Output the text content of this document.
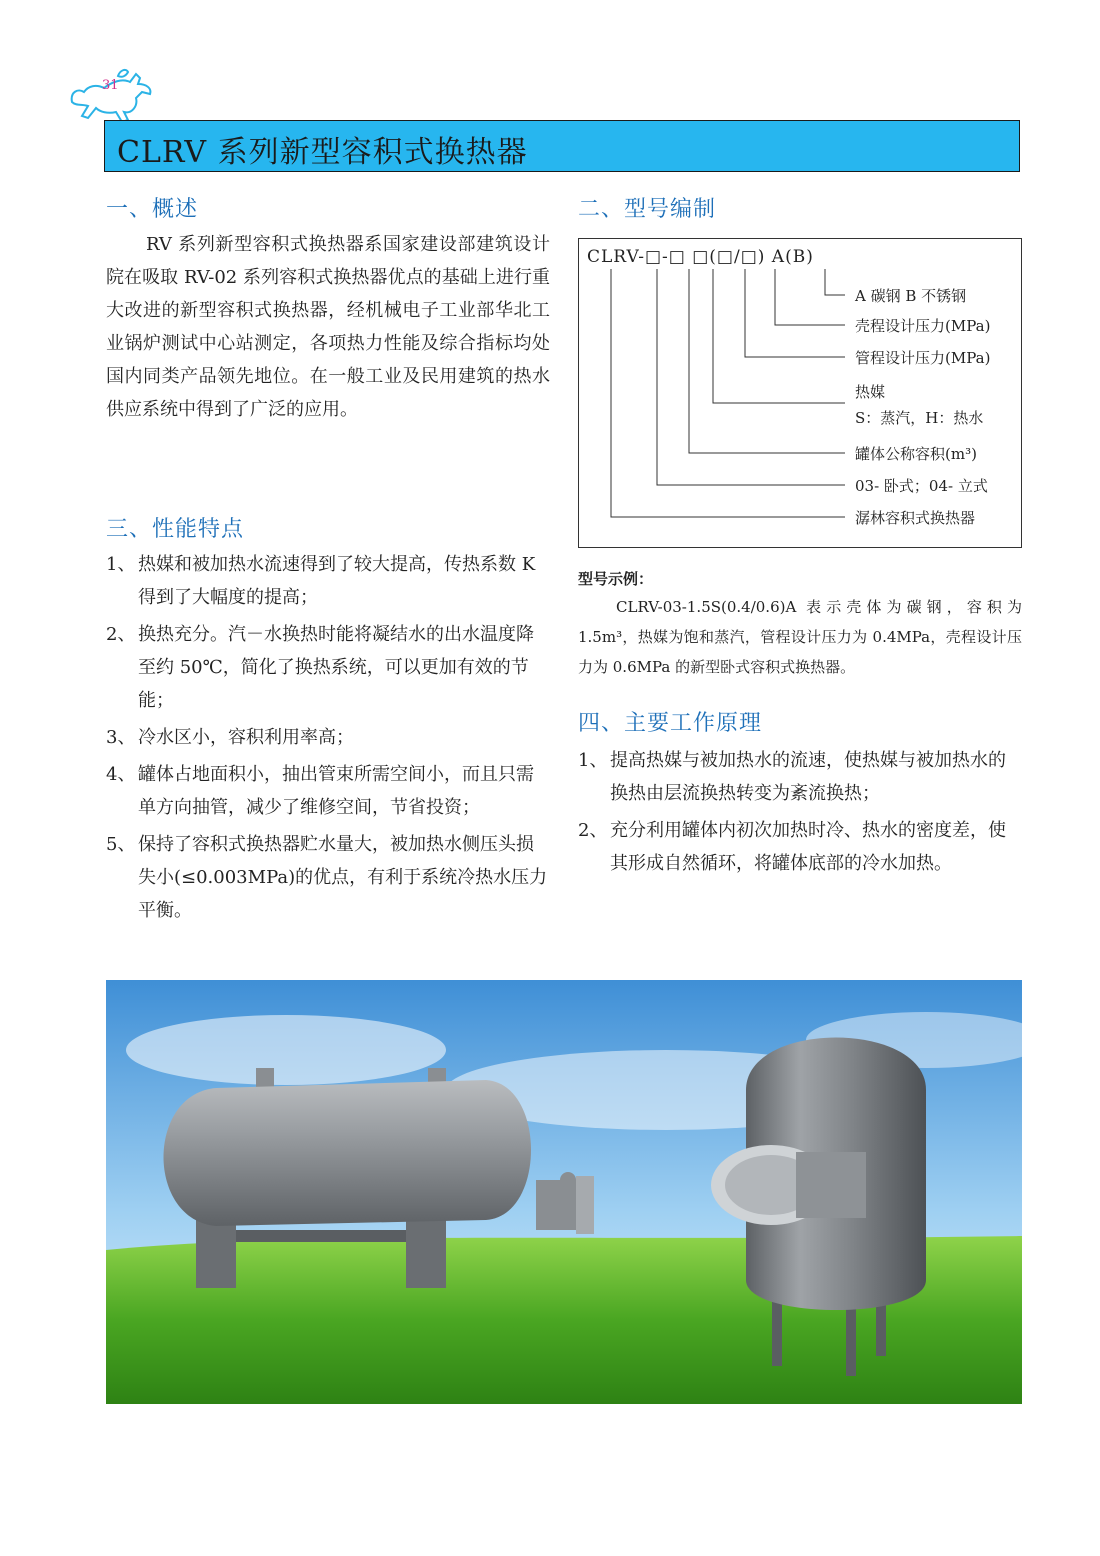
31
CLRV 系列新型容积式换热器
一、概述
RV 系列新型容积式换热器系国家建设部建筑设计院在吸取 RV-02 系列容积式换热器优点的基础上进行重大改进的新型容积式换热器，经机械电子工业部华北工业锅炉测试中心站测定，各项热力性能及综合指标均处国内同类产品领先地位。在一般工业及民用建筑的热水供应系统中得到了广泛的应用。
三、性能特点
1、 热媒和被加热水流速得到了较大提高，传热系数 K 得到了大幅度的提高；
2、 换热充分。汽－水换热时能将凝结水的出水温度降至约 50℃，简化了换热系统，可以更加有效的节能；
3、 冷水区小，容积利用率高；
4、 罐体占地面积小，抽出管束所需空间小，而且只需单方向抽管，减少了维修空间，节省投资；
5、 保持了容积式换热器贮水量大，被加热水侧压头损失小(≤0.003MPa)的优点，有利于系统冷热水压力平衡。
二、型号编制
CLRV-□-□ □(□/□) A(B)
A 碳钢 B 不锈钢
壳程设计压力(MPa)
管程设计压力(MPa)
热媒
S：蒸汽，H：热水
罐体公称容积(m³)
03- 卧式；04- 立式
潺林容积式换热器
型号示例：
CLRV-03-1.5S(0.4/0.6)A 表示壳体为碳钢，容积为 1.5m³，热媒为饱和蒸汽，管程设计压力为 0.4MPa，壳程设计压力为 0.6MPa 的新型卧式容积式换热器。
四、主要工作原理
1、 提高热媒与被加热水的流速，使热媒与被加热水的换热由层流换热转变为紊流换热；
2、 充分利用罐体内初次加热时冷、热水的密度差，使其形成自然循环，将罐体底部的冷水加热。
